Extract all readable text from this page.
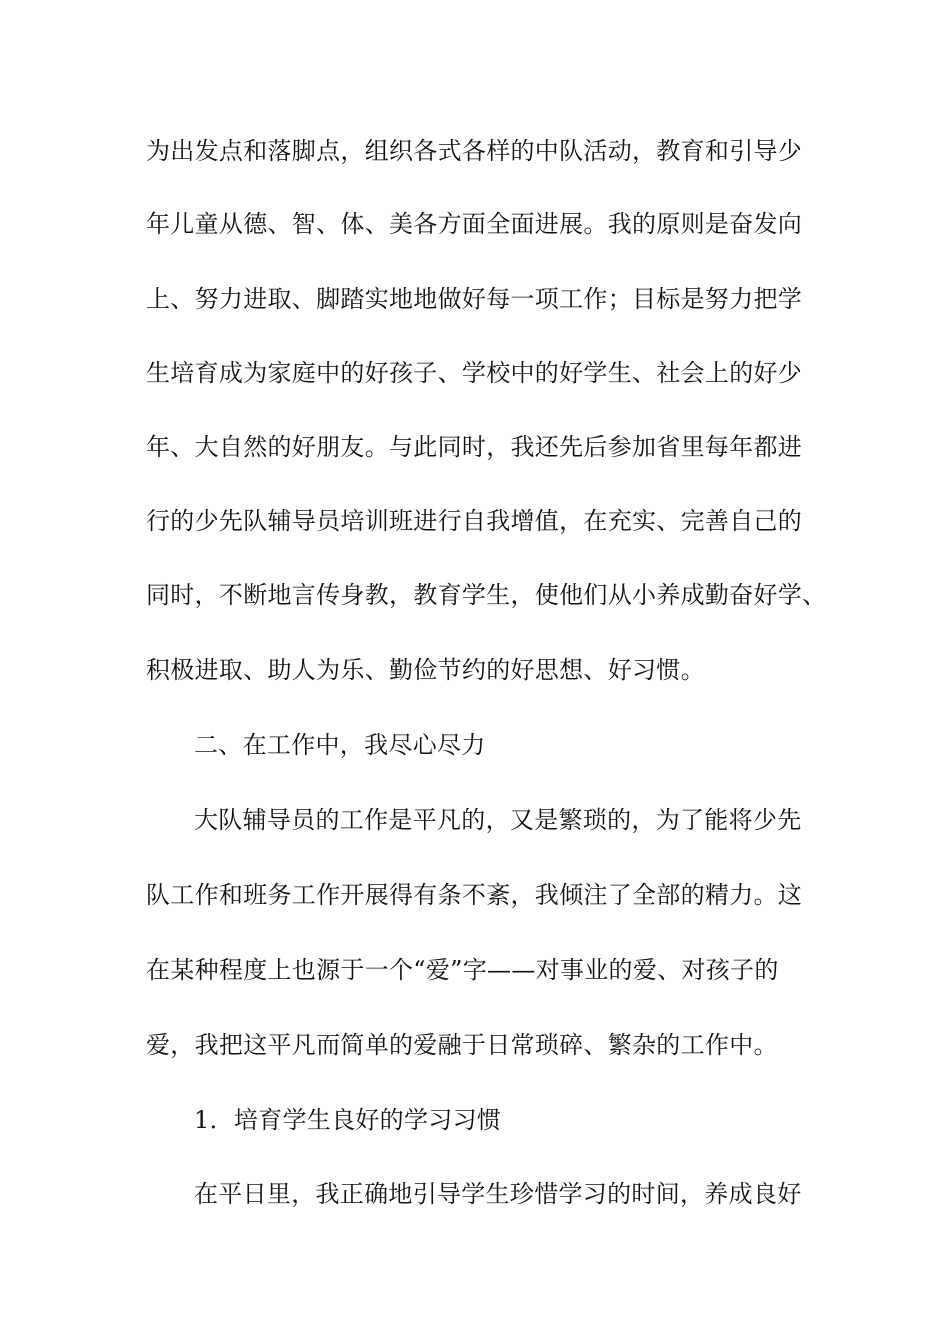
为出发点和落脚点，组织各式各样的中队活动，教育和引导少
年儿童从德、智、体、美各方面全面进展。我的原则是奋发向
上、努力进取、脚踏实地地做好每一项工作；目标是努力把学
生培育成为家庭中的好孩子、学校中的好学生、社会上的好少
年、大自然的好朋友。与此同时，我还先后参加省里每年都进
行的少先队辅导员培训班进行自我增值，在充实、完善自己的
同时，不断地言传身教，教育学生，使他们从小养成勤奋好学、
积极进取、助人为乐、勤俭节约的好思想、好习惯。
二、在工作中，我尽心尽力
大队辅导员的工作是平凡的，又是繁琐的，为了能将少先
队工作和班务工作开展得有条不紊，我倾注了全部的精力。这
在某种程度上也源于一个“爱”字——对事业的爱、对孩子的
爱，我把这平凡而简单的爱融于日常琐碎、繁杂的工作中。
1．培育学生良好的学习习惯
在平日里，我正确地引导学生珍惜学习的时间，养成良好
